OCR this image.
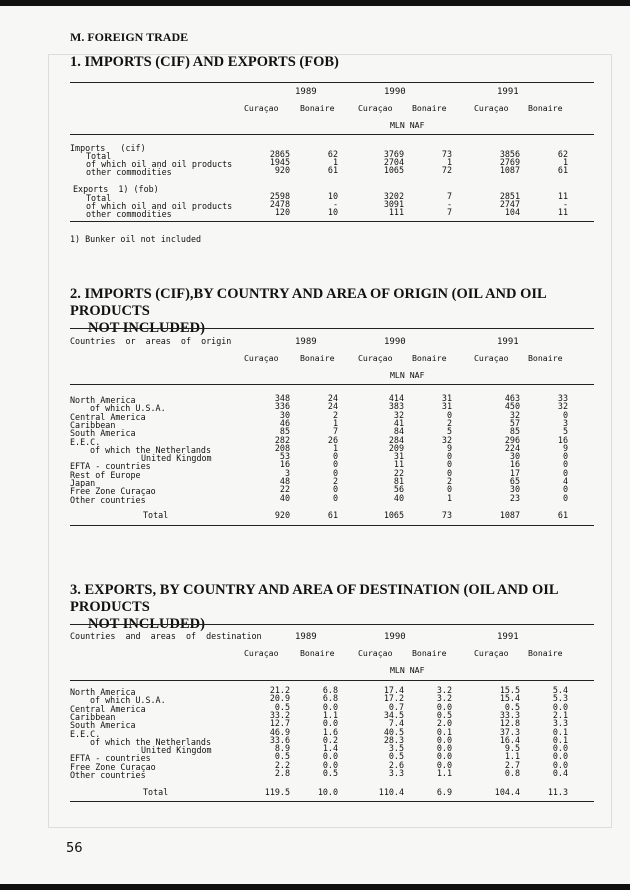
M. FOREIGN TRADE
1. IMPORTS (CIF) AND EXPORTS (FOB)
1989	1990	1991
Curaçao	Bonaire	Curaçao Bonaire	Curaçao Bonaire
MLN NAF
Imports   (cif)
Total	2865	62	3769	73	3856	62
of which oil and oil products	1945	1	2704	1	2769	1
other commodities	920	61	1065	72	1087	61
Exports  1) (fob)
Total	2598	10	3202	7	2851	11
of which oil and oil products	2478	-	3091	-	2747	-
other commodities	120	10	111	7	104	11
1) Bunker oil not included
2. IMPORTS (CIF),BY COUNTRY AND AREA OF ORIGIN (OIL AND OIL PRODUCTS
NOT INCLUDED)
1989	1990	1991
Curaçao	Bonaire	Curaçao Bonaire	Curaçao Bonaire
MLN NAF
Countries  or  areas  of  origin
North America	348	24	414	31	463	33
of which U.S.A.	336	24	383	31	450	32
Central America	30	2	32	0	32	0
Caribbean	46	1	41	2	57	3
South America	85	7	84	5	85	5
E.E.C.	282	26	284	32	296	16
of which the Netherlands	208	1	209	9	224	9
United Kingdom	53	0	31	0	30	0
EFTA - countries	16	0	11	0	16	0
Rest of Europe	3	0	22	0	17	0
Japan	48	2	81	2	65	4
Free Zone Curaçao	22	0	56	0	30	0
Other countries	40	0	40	1	23	0
Total	920	61	1065	73	1087	61
3. EXPORTS, BY COUNTRY AND AREA OF DESTINATION (OIL AND OIL PRODUCTS
NOT INCLUDED)
1989	1990	1991
Curaçao	Bonaire	Curaçao Bonaire	Curaçao Bonaire
MLN NAF
Countries  and  areas  of  destination
North America	21.2	6.8	17.4	3.2	15.5	5.4
of which U.S.A.	20.9	6.8	17.2	3.2	15.4	5.3
Central America	0.5	0.0	0.7	0.0	0.5	0.0
Caribbean	33.2	1.1	34.5	0.5	33.3	2.1
South America	12.7	0.0	7.4	2.0	12.8	3.3
E.E.C.	46.9	1.6	40.5	0.1	37.3	0.1
of which the Netherlands	33.6	0.2	28.3	0.0	16.4	0.1
United Kingdom	8.9	1.4	3.5	0.0	9.5	0.0
EFTA - countries	0.5	0.0	0.5	0.0	1.1	0.0
Free Zone Curaçao	2.2	0.0	2.6	0.0	2.7	0.0
Other countries	2.8	0.5	3.3	1.1	0.8	0.4
Total	119.5	10.0	110.4	6.9	104.4	11.3
56
